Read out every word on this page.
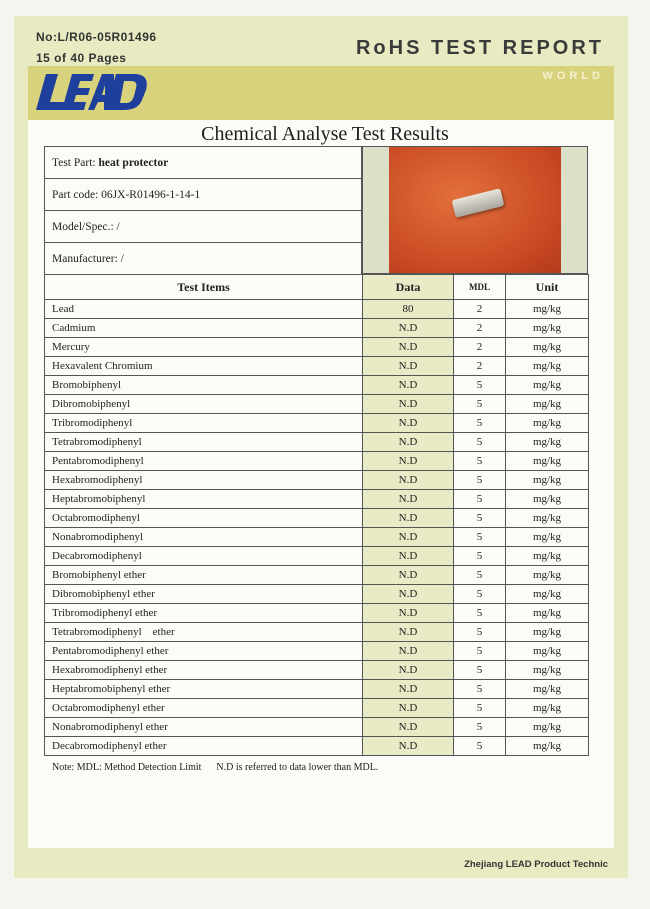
No:L/R06-05R01496
15 of 40 Pages	RoHS TEST REPORT
WORLD
Chemical Analyse Test Results
Test Part: heat protector
Part code: 06JX-R01496-1-14-1
Model/Spec.: /
Manufacturer: /
Test Items	Data	MDL	Unit
Lead	80	2	mg/kg
Cadmium	N.D	2	mg/kg
Mercury	N.D	2	mg/kg
Hexavalent Chromium	N.D	2	mg/kg
Bromobiphenyl	N.D	5	mg/kg
Dibromobiphenyl	N.D	5	mg/kg
Tribromodiphenyl	N.D	5	mg/kg
Tetrabromodiphenyl	N.D	5	mg/kg
Pentabromodiphenyl	N.D	5	mg/kg
Hexabromodiphenyl	N.D	5	mg/kg
Heptabromobiphenyl	N.D	5	mg/kg
Octabromodiphenyl	N.D	5	mg/kg
Nonabromodiphenyl	N.D	5	mg/kg
Decabromodiphenyl	N.D	5	mg/kg
Bromobiphenyl ether	N.D	5	mg/kg
Dibromobiphenyl ether	N.D	5	mg/kg
Tribromodiphenyl ether	N.D	5	mg/kg
Tetrabromodiphenyl    ether	N.D	5	mg/kg
Pentabromodiphenyl ether	N.D	5	mg/kg
Hexabromodiphenyl ether	N.D	5	mg/kg
Heptabromobiphenyl ether	N.D	5	mg/kg
Octabromodiphenyl ether	N.D	5	mg/kg
Nonabromodiphenyl ether	N.D	5	mg/kg
Decabromodiphenyl ether	N.D	5	mg/kg
Note: MDL: Method Detection Limit      N.D is referred to data lower than MDL.
Zhejiang LEAD Product Technic
